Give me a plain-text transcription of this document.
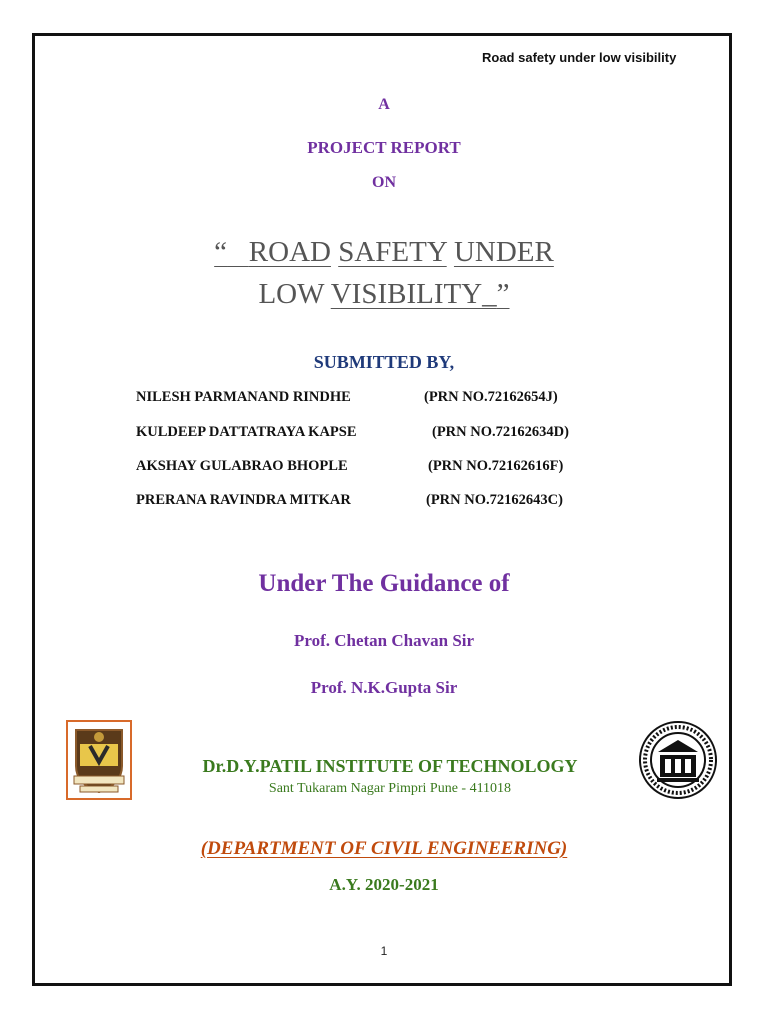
Road safety under low visibility
A
PROJECT REPORT
ON
“ ROAD SAFETY UNDER
LOW VISIBILITY_”
SUBMITTED BY,
NILESH PARMANAND RINDHE	(PRN NO.72162654J)
KULDEEP DATTATRAYA KAPSE	(PRN NO.72162634D)
AKSHAY GULABRAO BHOPLE	(PRN NO.72162616F)
PRERANA RAVINDRA MITKAR	(PRN NO.72162643C)
Under The Guidance of
Prof. Chetan Chavan Sir
Prof. N.K.Gupta Sir
Dr.D.Y.PATIL INSTITUTE OF TECHNOLOGY
Sant Tukaram Nagar Pimpri Pune - 411018
(DEPARTMENT OF CIVIL ENGINEERING)
A.Y. 2020-2021
1
